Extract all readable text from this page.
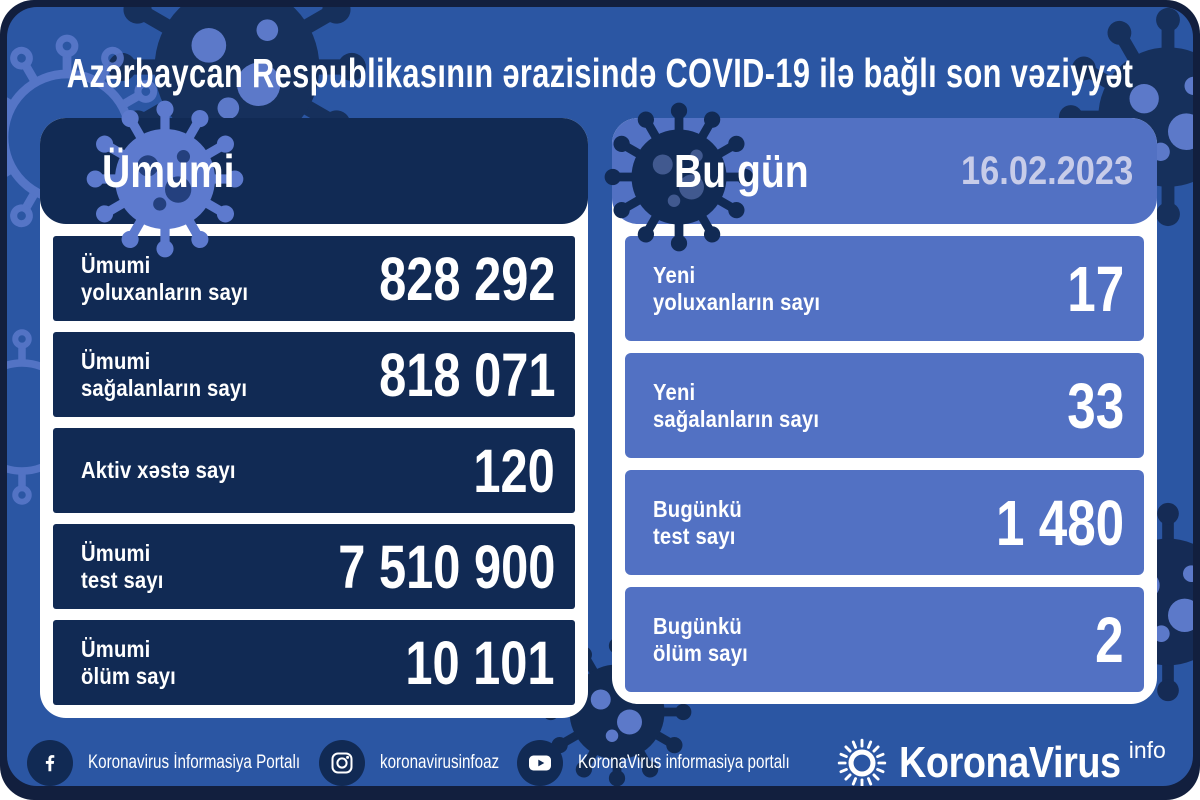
Azərbaycan Respublikasının ərazisində COVID-19 ilə bağlı son vəziyyət
Ümumi
Ümumi
yoluxanların sayı 828 292
Ümumi
sağalanların sayı 818 071
Aktiv xəstə sayı	120
Ümumi
test sayı	7 510 900
Ümumi
ölüm sayı	10 101
Bu gün	16.02.2023
Yeni
yoluxanların sayı	17
Yeni
sağalanların sayı	33
Bugünkü
test sayı	1 480
Bugünkü
ölüm sayı	2
Koronavirus İnformasiya Portalı	koronavirusinfoaz	KoronaVirus informasiya portalı KoronaVirus info
